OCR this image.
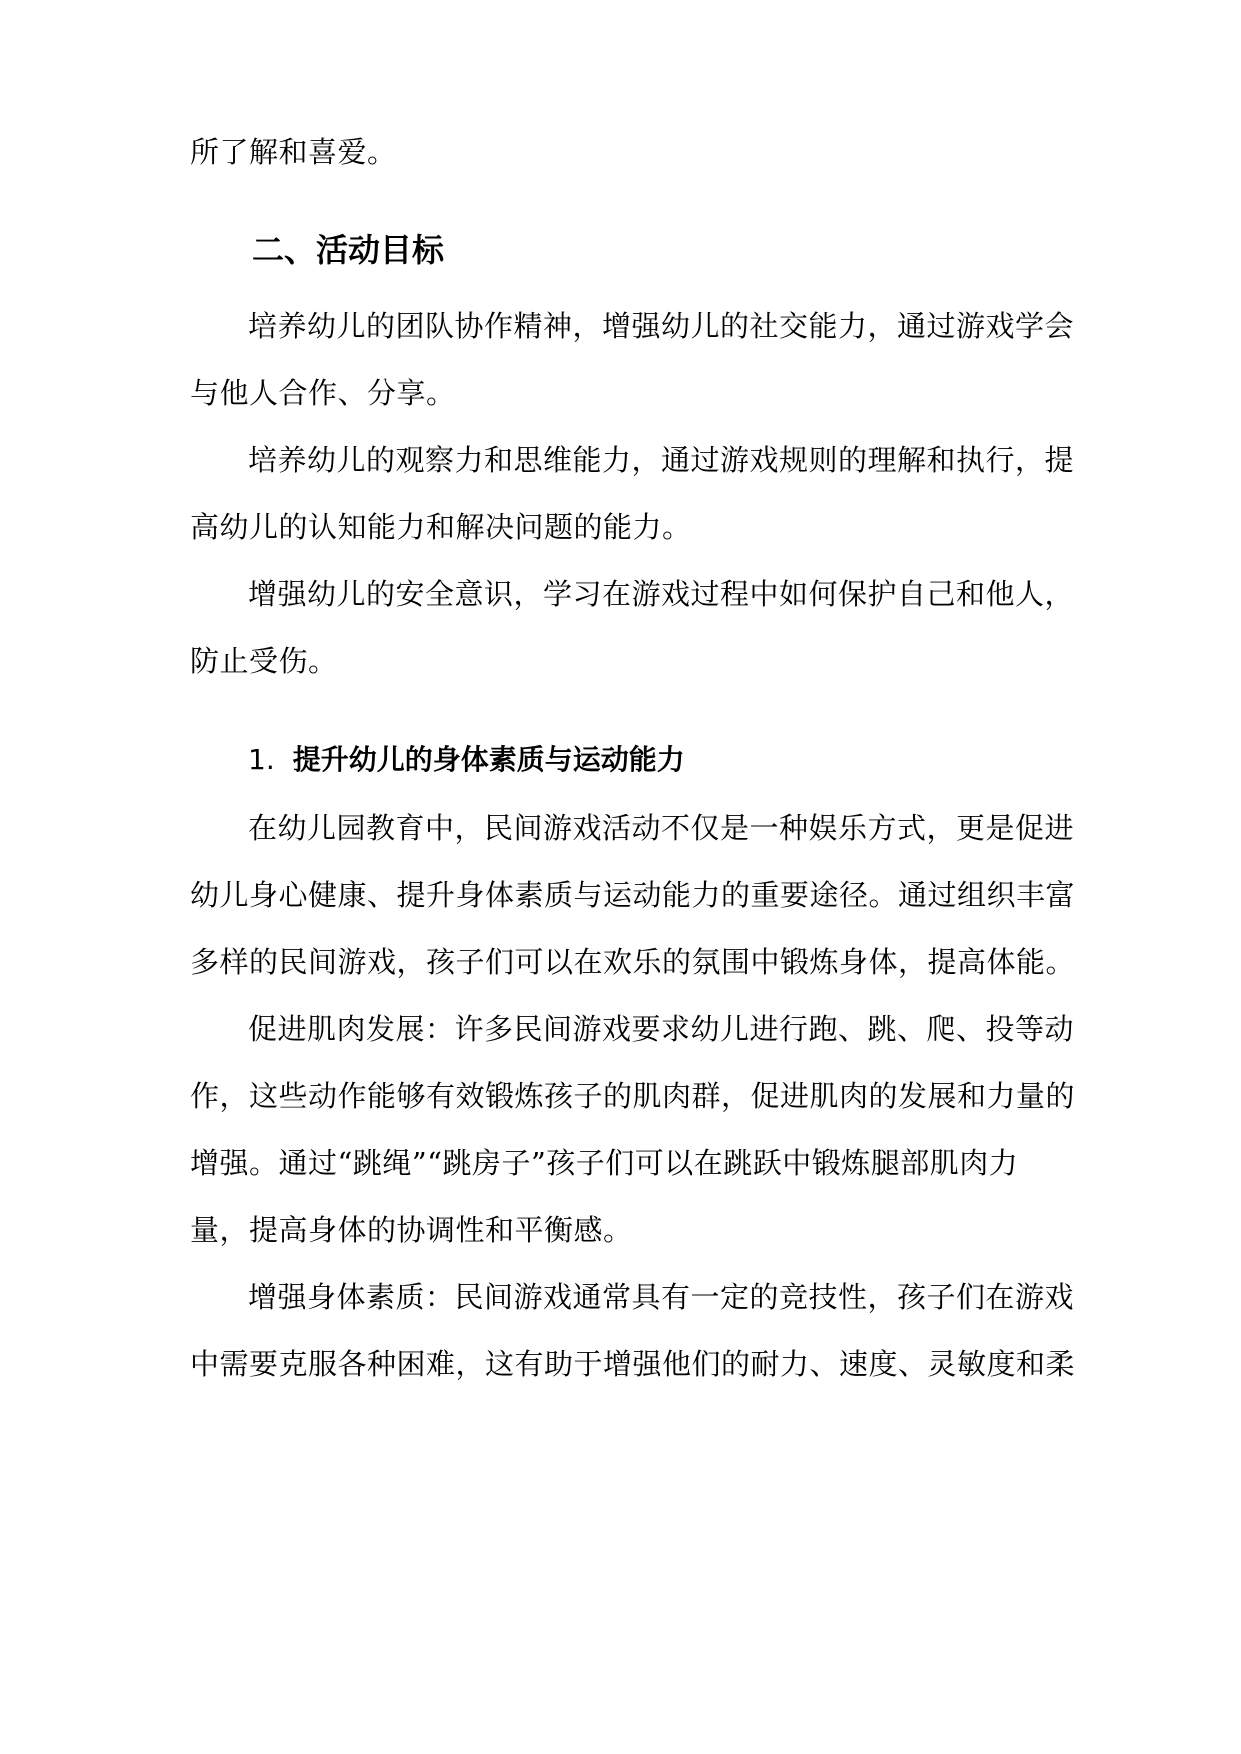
所了解和喜爱。
二、活动目标
培养幼儿的团队协作精神，增强幼儿的社交能力，通过游戏学会
与他人合作、分享。
培养幼儿的观察力和思维能力，通过游戏规则的理解和执行，提
高幼儿的认知能力和解决问题的能力。
增强幼儿的安全意识，学习在游戏过程中如何保护自己和他人，
防止受伤。
1. 提升幼儿的身体素质与运动能力
在幼儿园教育中，民间游戏活动不仅是一种娱乐方式，更是促进
幼儿身心健康、提升身体素质与运动能力的重要途径。通过组织丰富
多样的民间游戏，孩子们可以在欢乐的氛围中锻炼身体，提高体能。
促进肌肉发展：许多民间游戏要求幼儿进行跑、跳、爬、投等动
作，这些动作能够有效锻炼孩子的肌肉群，促进肌肉的发展和力量的
增强。通过“跳绳”“跳房子”孩子们可以在跳跃中锻炼腿部肌肉力
量，提高身体的协调性和平衡感。
增强身体素质：民间游戏通常具有一定的竞技性，孩子们在游戏
中需要克服各种困难，这有助于增强他们的耐力、速度、灵敏度和柔
